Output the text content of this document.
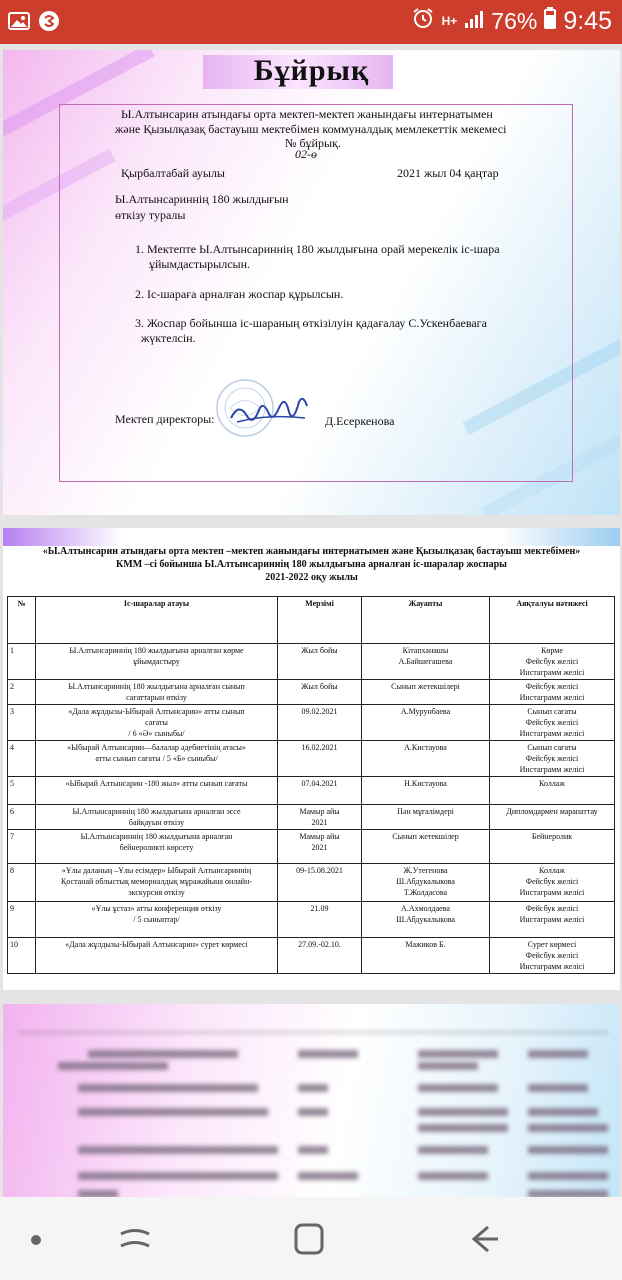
H+ 76% 9:45
Бұйрық
Ы.Алтынсарин атындағы орта мектеп-мектеп жанындағы интернатымен
және Қызылқазақ бастауыш мектебімен коммуналдық мемлекеттік мекемесі
№ бұйрық.
02-ө
Қырбалтабай ауылы	2021 жыл 04 қаңтар
Ы.Алтынсариннің 180 жылдығын
өткізу туралы
1. Мектепте Ы.Алтынсариннің 180 жылдығына орай мерекелік іс-шара
ұйымдастырылсын.
2. Іс-шараға арналған жоспар құрылсын.
3. Жоспар бойынша іс-шараның өткізілуін қадағалау С.Ускенбаевага
жүктелсін.
Мектеп директоры:	Д.Есеркенова
«Ы.Алтынсарин атындағы орта мектеп –мектеп жанындағы интернатымен және Қызылқазақ бастауыш мектебімен»
КММ –сі бойынша Ы.Алтынсариннің 180 жылдығына арналған іс-шаралар жоспары
2021-2022 оқу жылы
№	Іс-шаралар атауы	Мерзімі	Жауапты	Аяқталуы нәтижесі
1	Ы.Алтынсариннің 180 жылдығына арналған көрме
ұйымдастыру	Жыл бойы	Кітапханашы
А.Байшегашева	Көрме
Фейсбук желісі
Инстаграмм желісі
2	Ы.Алтынсариннің 180 жылдығына арналған сынып
сағаттарын өткізу	Жыл бойы	Сынып жетекшілері	Фейсбук желісі
Инстаграмм желісі
3	«Дала жұлдызы-Ыбырай Алтынсарин» атты сынып
сағаты
/ 6 «Ә» сыныбы/	09.02.2021	А.Мурунбаева	Сынып сағаты
Фейсбук желісі
Инстаграмм желісі
4	«Ыбырай Алтынсарин—балалар әдебиетінің атасы»
атты сынып сағаты / 5 «Б» сыныбы/	16.02.2021	А.Кистауова	Сынып сағаты
Фейсбук желісі
Инстаграмм желісі
5	«Ыбырай Алтынсарин -180 жыл» атты сынып сағаты	07.04.2021	Н.Кистауова	Коллаж
6	Ы.Алтынсариннің 180 жылдығына арналған эссе
байқауын өткізу	Мамыр айы
2021	Пән мұғалімдері	Дипломдармен марапаттау
7	Ы.Алтынсариннің 180 жылдығына арналған
бейнероликті көрсету	Мамыр айы
2021	Сынып жетекшілер	Бейнеролик
8	«Ұлы даланың –Ұлы есімдер» Ыбырай Алтынсариннің
Қостанай облыстық мемориалдық мұражайына онлайн-
экскурсия өткізу	09-15.08.2021	Ж.Утегенова
Ш.Абдукалыкова
Т.Жолдасова	Коллаж
Фейсбук желісі
Инстаграмм желісі
9	«Ұлы ұстаз» атты конференция өткізу
/ 5 сыныптар/	21.09	А.Ахмолдаева
Ш.Абдукалыкова	Фейсбук желісі
Инстаграмм желісі
10	«Дала жұлдызы-Ыбырай Алтынсарин» сурет көрмесі	27.09.-02.10.	Мажиков Б.	Сурет көрмесі
Фейсбук желісі
Инстаграмм желісі
